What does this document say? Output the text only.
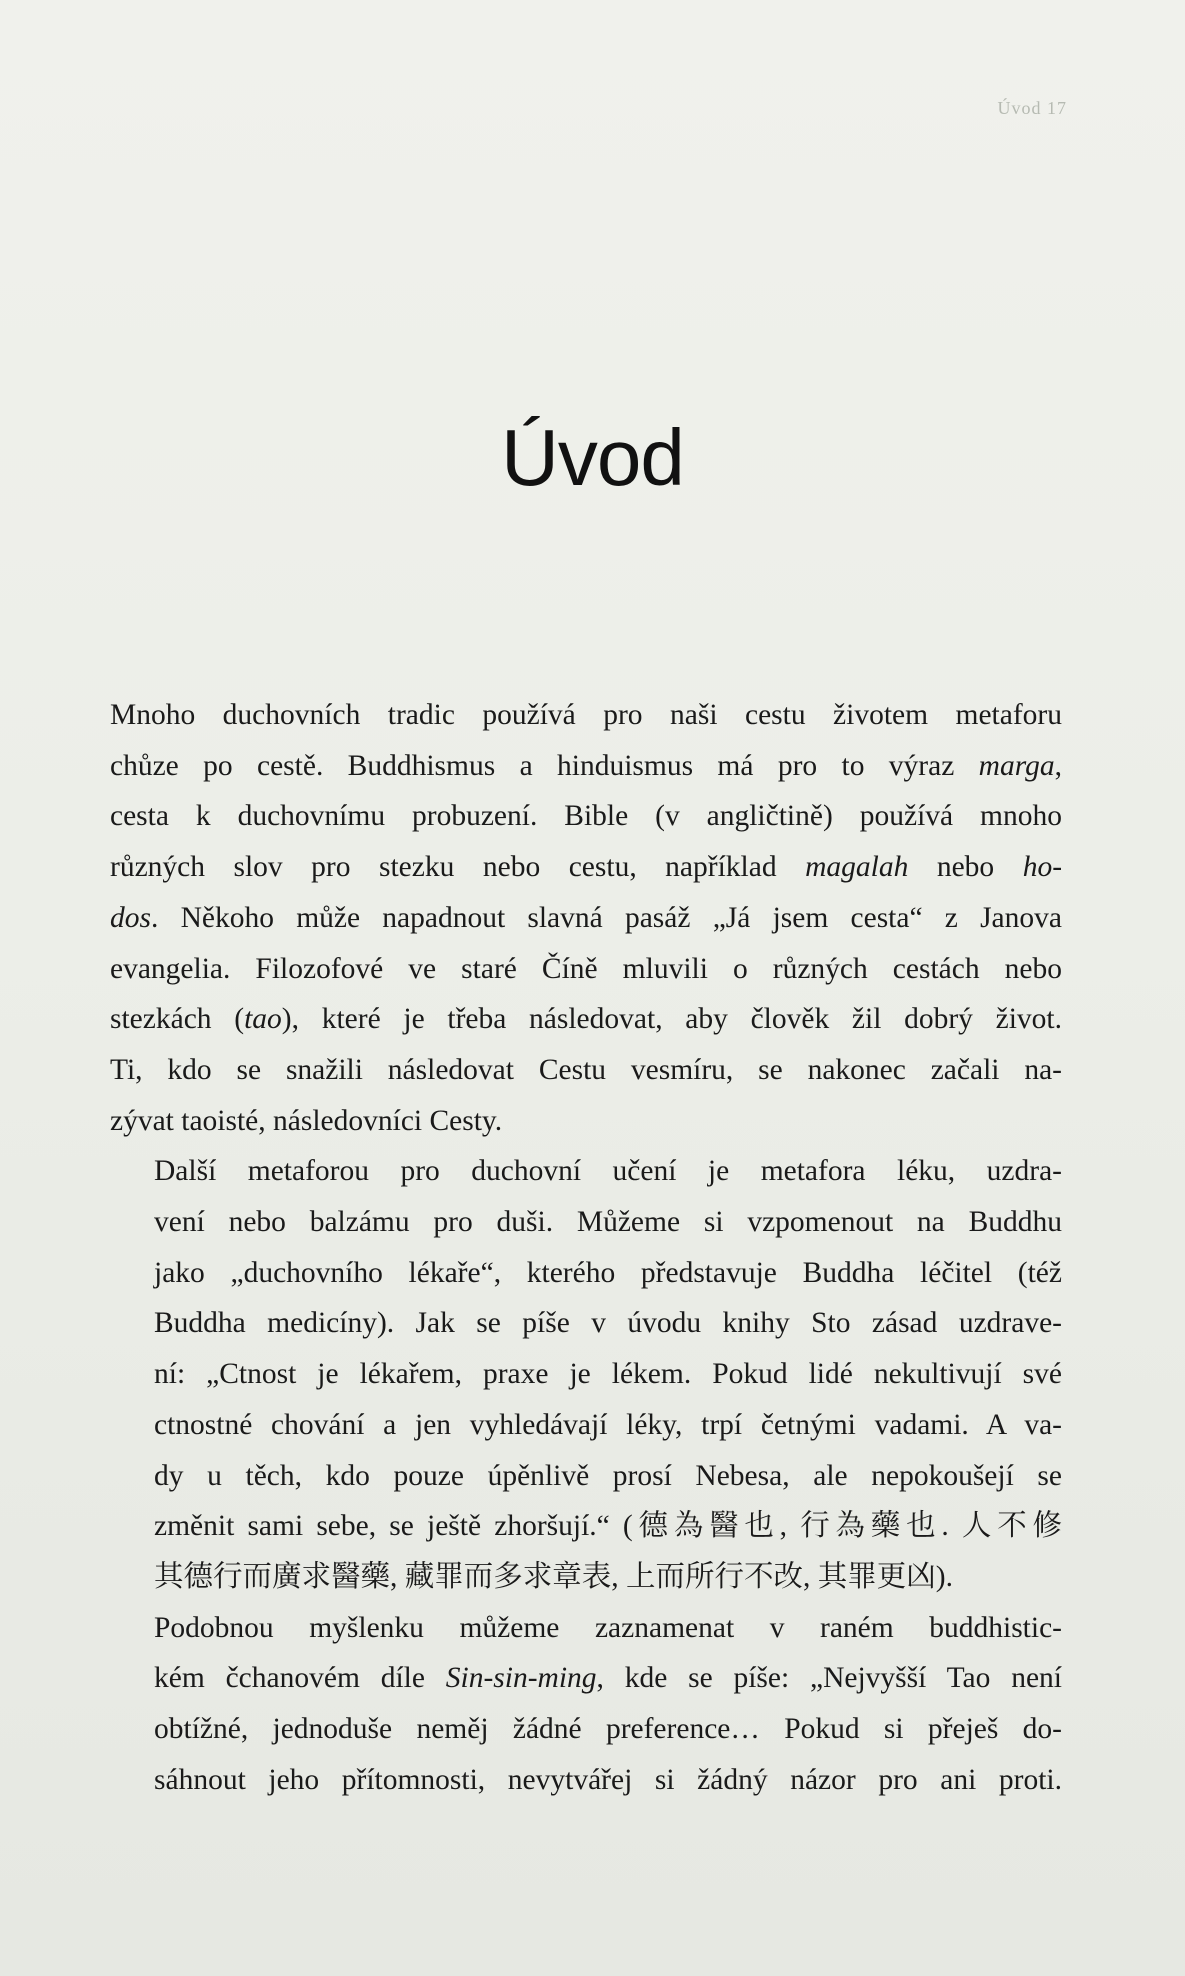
Úvod 17
Úvod

Mnoho duchovních tradic používá pro naši cestu životem metaforu
chůze po cestě. Buddhismus a hinduismus má pro to výraz marga,
cesta k duchovnímu probuzení. Bible (v angličtině) používá mnoho
různých slov pro stezku nebo cestu, například magalah nebo ho-
dos. Někoho může napadnout slavná pasáž „Já jsem cesta“ z Janova
evangelia. Filozofové ve staré Číně mluvili o různých cestách nebo
stezkách (tao), které je třeba následovat, aby člověk žil dobrý život.
Ti, kdo se snažili následovat Cestu vesmíru, se nakonec začali na-
zývat taoisté, následovníci Cesty.

Další metaforou pro duchovní učení je metafora léku, uzdra-
vení nebo balzámu pro duši. Můžeme si vzpomenout na Buddhu
jako „duchovního lékaře“, kterého představuje Buddha léčitel (též
Buddha medicíny). Jak se píše v úvodu knihy Sto zásad uzdrave-
ní: „Ctnost je lékařem, praxe je lékem. Pokud lidé nekultivují své
ctnostné chování a jen vyhledávají léky, trpí četnými vadami. A va-
dy u těch, kdo pouze úpěnlivě prosí Nebesa, ale nepokoušejí se
změnit sami sebe, se ještě zhoršují.“ (德為醫也, 行為藥也. 人不修
其德行而廣求醫藥, 藏罪而多求章表, 上而所行不改, 其罪更凶).

Podobnou myšlenku můžeme zaznamenat v raném buddhistic-
kém čchanovém díle Sin-sin-ming, kde se píše: „Nejvyšší Tao není
obtížné, jednoduše neměj žádné preference… Pokud si přeješ do-
sáhnout jeho přítomnosti, nevytvářej si žádný názor pro ani proti.
